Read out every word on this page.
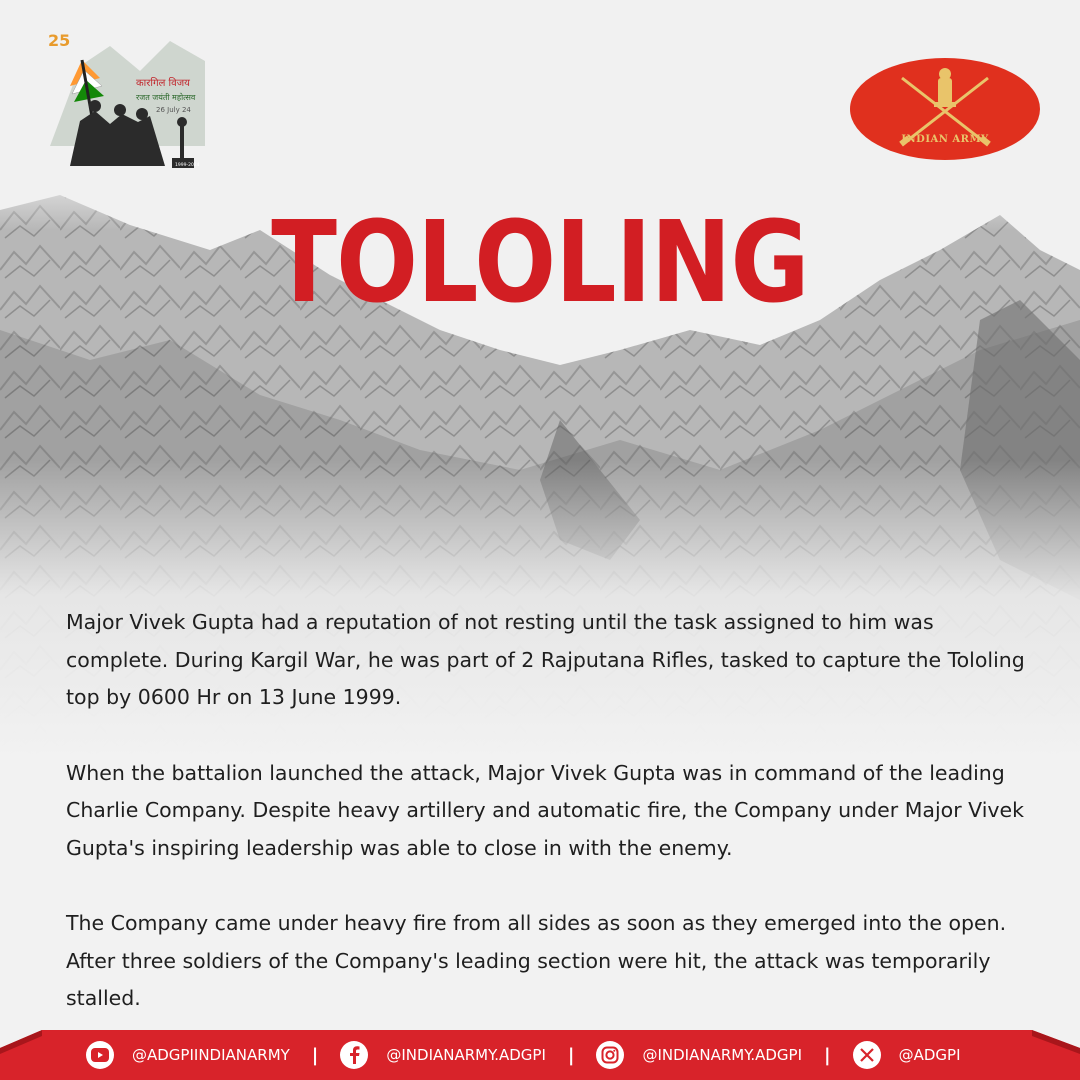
25
कारगिल विजय
रजत जयंती महोत्सव
26 July 24
1999-2024
INDIAN ARMY
TOLOLING

Major Vivek Gupta had a reputation of not resting until the task assigned to him was complete. During Kargil War, he was part of 2 Rajputana Rifles, tasked to capture the Tololing top by 0600 Hr on 13 June 1999.

When the battalion launched the attack, Major Vivek Gupta was in command of the leading Charlie Company. Despite heavy artillery and automatic fire, the Company under Major Vivek Gupta's inspiring leadership was able to close in with the enemy.

The Company came under heavy fire from all sides as soon as they emerged into the open. After three soldiers of the Company's leading section were hit, the attack was temporarily stalled.

@ADGPIINDIANARMY |	@INDIANARMY.ADGPI |	@INDIANARMY.ADGPI |	@ADGPI
